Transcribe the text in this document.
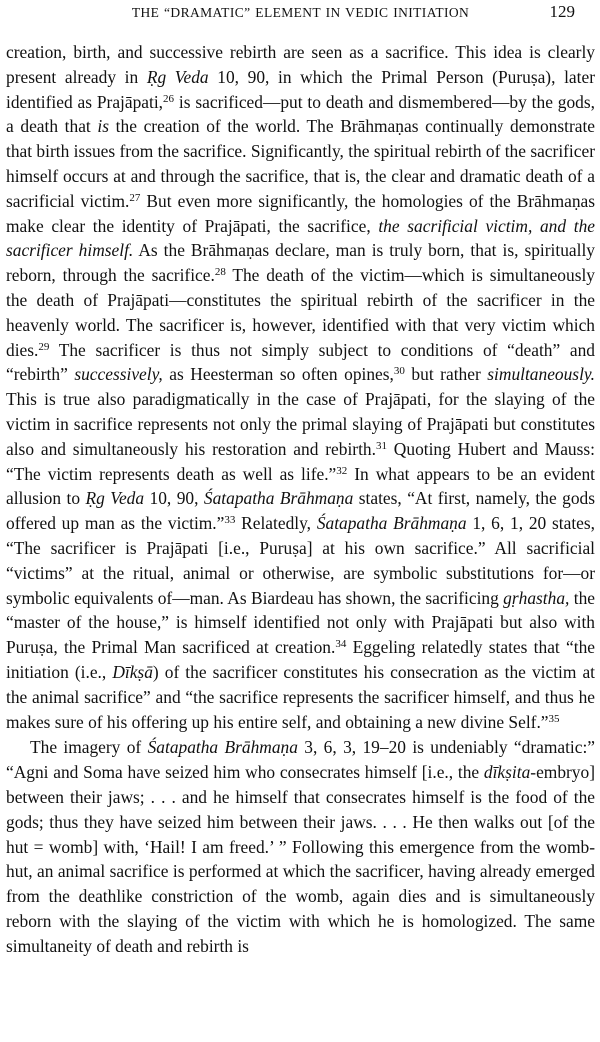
THE “DRAMATIC” ELEMENT IN VEDIC INITIATION	129

creation, birth, and successive rebirth are seen as a sacrifice. This idea is clearly present already in Ṛg Veda 10, 90, in which the Primal Person (Puruṣa), later identified as Prajāpati,$^{26}$ is sacrificed—put to death and dismembered—by the gods, a death that is the creation of the world. The Brāhmaṇas continually demonstrate that birth issues from the sacrifice. Significantly, the spiritual rebirth of the sacrificer himself occurs at and through the sacrifice, that is, the clear and dramatic death of a sacrificial victim.$^{27}$ But even more significantly, the homologies of the Brāhmaṇas make clear the identity of Prajāpati, the sacrifice, the sacrificial victim, and the sacrificer himself. As the Brāhmaṇas declare, man is truly born, that is, spiritually reborn, through the sacrifice.$^{28}$ The death of the victim—which is simultaneously the death of Prajāpati—constitutes the spiritual rebirth of the sacrificer in the heavenly world. The sacrificer is, however, identified with that very victim which dies.$^{29}$ The sacrificer is thus not simply subject to conditions of “death” and “rebirth” successively, as Heesterman so often opines,$^{30}$ but rather simultaneously. This is true also paradigmatically in the case of Prajāpati, for the slaying of the victim in sacrifice represents not only the primal slaying of Prajāpati but constitutes also and simultaneously his restoration and rebirth.$^{31}$ Quoting Hubert and Mauss: “The victim represents death as well as life.”$^{32}$ In what appears to be an evident allusion to Ṛg Veda 10, 90, Śatapatha Brāhmaṇa states, “At first, namely, the gods offered up man as the victim.”$^{33}$ Relatedly, Śatapatha Brāhmaṇa 1, 6, 1, 20 states, “The sacrificer is Prajāpati [i.e., Puruṣa] at his own sacrifice.” All sacrificial “victims” at the ritual, animal or otherwise, are symbolic substitutions for—or symbolic equivalents of—man. As Biardeau has shown, the sacrificing gṛhastha, the “master of the house,” is himself identified not only with Prajāpati but also with Puruṣa, the Primal Man sacrificed at creation.$^{34}$ Eggeling relatedly states that “the initiation (i.e., Dīkṣā) of the sacrificer constitutes his consecration as the victim at the animal sacrifice” and “the sacrifice represents the sacrificer himself, and thus he makes sure of his offering up his entire self, and obtaining a new divine Self.”$^{35}$

The imagery of Śatapatha Brāhmaṇa 3, 6, 3, 19–20 is undeniably “dramatic:” “Agni and Soma have seized him who consecrates himself [i.e., the dīkṣita-embryo] between their jaws; . . . and he himself that consecrates himself is the food of the gods; thus they have seized him between their jaws. . . . He then walks out [of the hut = womb] with, ‘Hail! I am freed.’ ” Following this emergence from the womb-hut, an animal sacrifice is performed at which the sacrificer, having already emerged from the deathlike constriction of the womb, again dies and is simultaneously reborn with the slaying of the victim with which he is homologized. The same simultaneity of death and rebirth is
